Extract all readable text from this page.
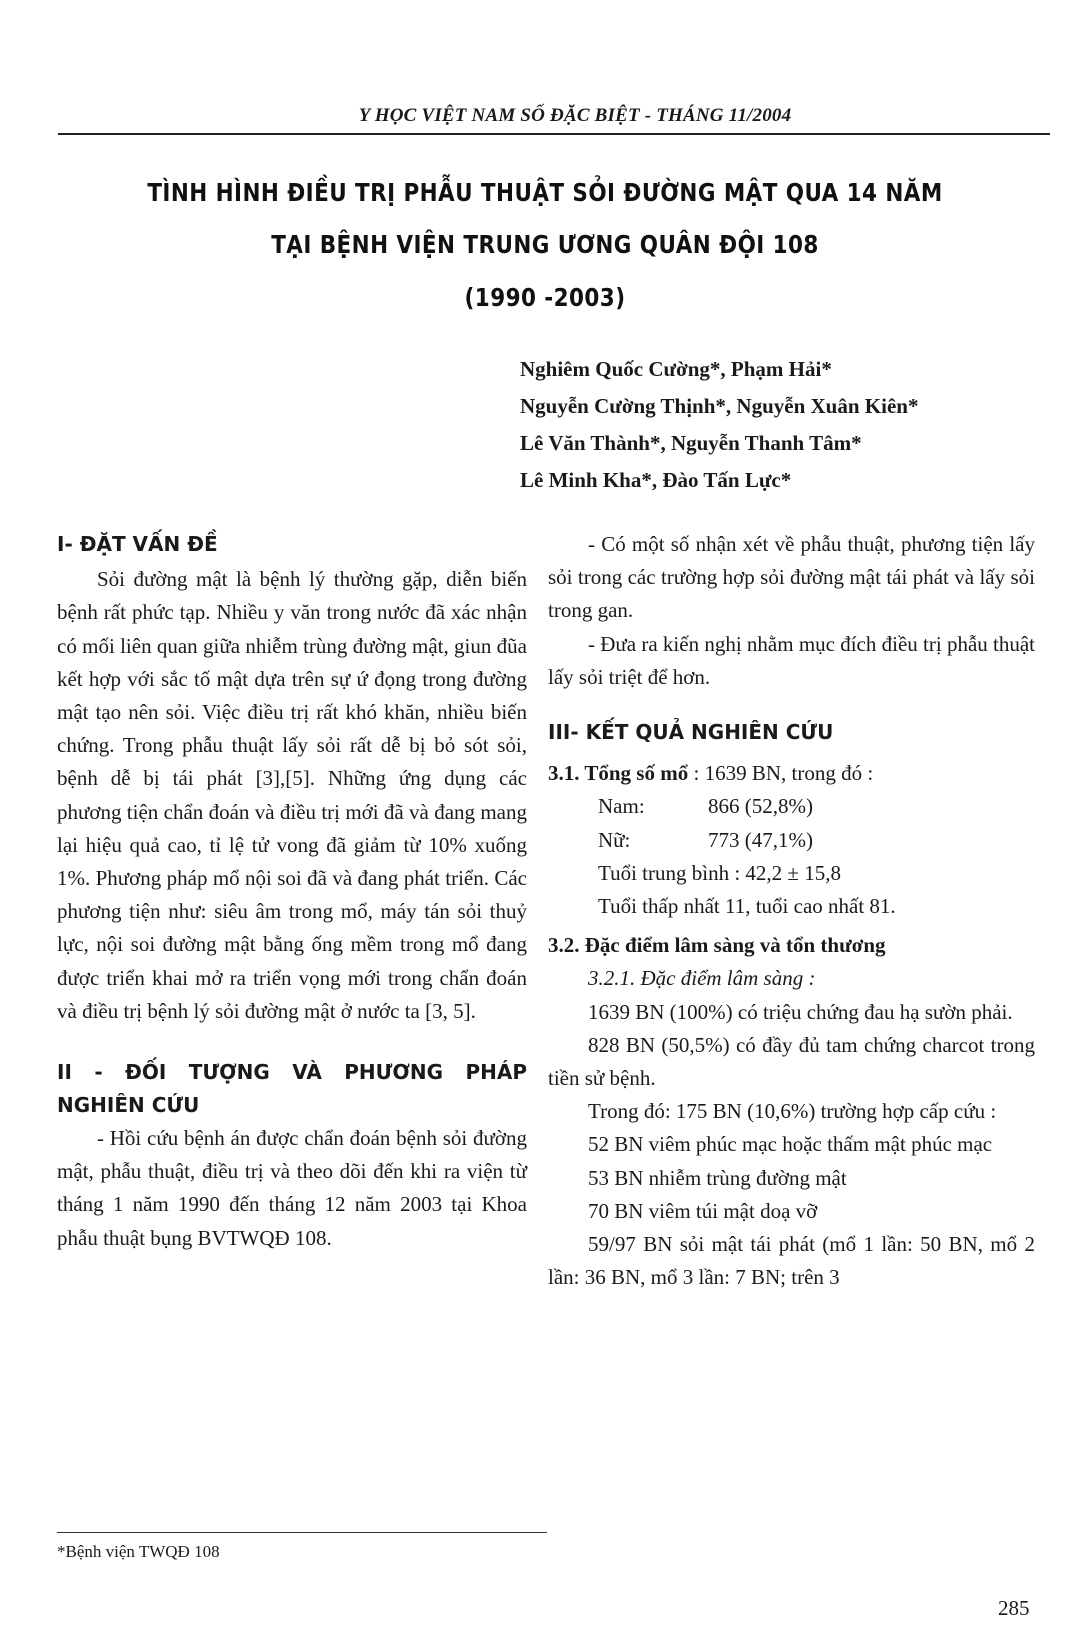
Y HỌC VIỆT NAM SỐ ĐẶC BIỆT - THÁNG 11/2004
TÌNH HÌNH ĐIỀU TRỊ PHẪU THUẬT SỎI ĐƯỜNG MẬT QUA 14 NĂM
TẠI BỆNH VIỆN TRUNG ƯƠNG QUÂN ĐỘI 108
(1990 -2003)
Nghiêm Quốc Cường*, Phạm Hải*
Nguyễn Cường Thịnh*, Nguyễn Xuân Kiên*
Lê Văn Thành*, Nguyễn Thanh Tâm*
Lê Minh Kha*, Đào Tấn Lực*
I- ĐẶT VẤN ĐỀ

Sỏi đường mật là bệnh lý thường gặp, diễn biến bệnh rất phức tạp. Nhiều y văn trong nước đã xác nhận có mối liên quan giữa nhiễm trùng đường mật, giun đũa kết hợp với sắc tố mật dựa trên sự ứ đọng trong đường mật tạo nên sỏi. Việc điều trị rất khó khăn, nhiều biến chứng. Trong phẫu thuật lấy sỏi rất dễ bị bỏ sót sỏi, bệnh dễ bị tái phát [3],[5]. Những ứng dụng các phương tiện chẩn đoán và điều trị mới đã và đang mang lại hiệu quả cao, tỉ lệ tử vong đã giảm từ 10% xuống 1%. Phương pháp mổ nội soi đã và đang phát triển. Các phương tiện như: siêu âm trong mổ, máy tán sỏi thuỷ lực, nội soi đường mật bằng ống mềm trong mổ đang được triển khai mở ra triển vọng mới trong chẩn đoán và điều trị bệnh lý sỏi đường mật ở nước ta [3, 5].

II - ĐỐI TƯỢNG VÀ PHƯƠNG PHÁP NGHIÊN CỨU

- Hồi cứu bệnh án được chẩn đoán bệnh sỏi đường mật, phẫu thuật, điều trị và theo dõi đến khi ra viện từ tháng 1 năm 1990 đến tháng 12 năm 2003 tại Khoa phẫu thuật bụng BVTWQĐ 108.

- Có một số nhận xét về phẫu thuật, phương tiện lấy sỏi trong các trường hợp sỏi đường mật tái phát và lấy sỏi trong gan.

- Đưa ra kiến nghị nhằm mục đích điều trị phẫu thuật lấy sỏi triệt để hơn.

III- KẾT QUẢ NGHIÊN CỨU
3.1. Tổng số mổ : 1639 BN, trong đó :
Nam:	866 (52,8%)
Nữ:	773 (47,1%)
Tuổi trung bình : 42,2 ± 15,8
Tuổi thấp nhất 11, tuổi cao nhất 81.
3.2. Đặc điểm lâm sàng và tổn thương
3.2.1. Đặc điểm lâm sàng :

1639 BN (100%) có triệu chứng đau hạ sườn phải.

828 BN (50,5%) có đầy đủ tam chứng charcot trong tiền sử bệnh.

Trong đó: 175 BN (10,6%) trường hợp cấp cứu :

52 BN viêm phúc mạc hoặc thấm mật phúc mạc

53 BN nhiễm trùng đường mật

70 BN viêm túi mật doạ vỡ

59/97 BN sỏi mật tái phát (mổ 1 lần: 50 BN, mổ 2 lần: 36 BN, mổ 3 lần: 7 BN; trên 3

*Bệnh viện TWQĐ 108
285
